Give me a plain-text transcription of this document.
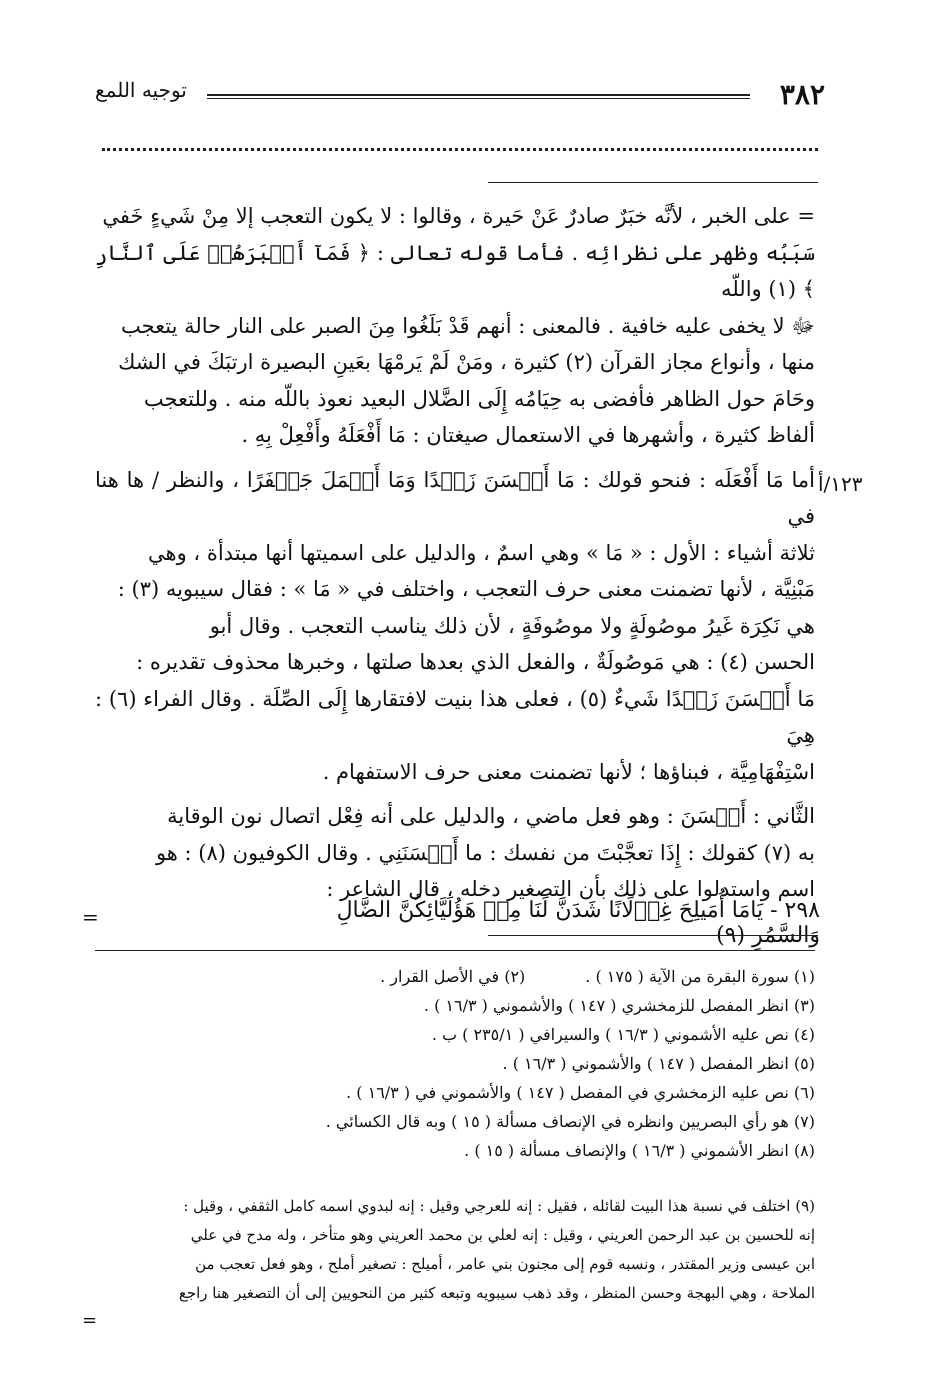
٣٨٢
توجيه اللمع
١٢٣/أ

= على الخبر ، لأنَّه خبَرٌ صادرٌ عَنْ حَيرة ، وقالوا : لا يكون التعجب إلا مِنْ شَيءٍ خَفي

سَبَبُه وظهر على نظرائِه . فأما قوله تعالى : ﴿ فَمَآ أَصۡبَرَهُمۡ عَلَى ٱلنَّارِ ﴾ (١) واللّه

ﷻ لا يخفى عليه خافية . فالمعنى : أنهم قَدْ بَلَغُوا مِنَ الصبر على النار حالة يتعجب

منها ، وأنواع مجاز القرآن (٢) كثيرة ، ومَنْ لَمْ يَرمْهَا بعَينِ البصيرة ارتبَكَ في الشك

وحَامَ حول الظاهر فأفضى به حِيَامُه إِلَى الضَّلال البعيد نعوذ باللّه منه . وللتعجب

ألفاظ كثيرة ، وأشهرها في الاستعمال صيغتان : مَا أَفْعَلَهُ وأَفْعِلْ بِهِ .

أما مَا أَفْعَلَه : فنحو قولك : مَا أَحۡسَنَ زَيۡدًا وَمَا أَجۡمَلَ جَعۡفَرًا ، والنظر / ها هنا في

ثلاثة أشياء : الأول : « مَا » وهي اسمٌ ، والدليل على اسميتها أنها مبتدأة ، وهي

مَبْنِيَّة ، لأنها تضمنت معنى حرف التعجب ، واختلف في « مَا » : فقال سيبويه (٣) :

هي نَكِرَة غَيرُ موصُولَةٍ ولا موصُوفَةٍ ، لأن ذلك يناسب التعجب . وقال أبو

الحسن (٤) : هي مَوصُولَةٌ ، والفعل الذي بعدها صلتها ، وخبرها محذوف تقديره :

مَا أَحۡسَنَ زَيۡدًا شَيءٌ (٥) ، فعلى هذا بنيت لافتقارها إِلَى الصِّلَة . وقال الفراء (٦) : هِيَ

اسْتِفْهَامِيَّة ، فبناؤها ؛ لأنها تضمنت معنى حرف الاستفهام .

الثَّاني : أَحۡسَنَ : وهو فعل ماضي ، والدليل على أنه فِعْل اتصال نون الوقاية

به (٧) كقولك : إِذَا تعجَّبْتَ من نفسك : ما أَحۡسَنَنِي . وقال الكوفيون (٨) : هو

اسم واستدلوا على ذلك بأن التصغير دخله ، قال الشاعر :

٢٩٨ - يَامَا أُمَيلِحَ غِزۡلَانًا شَدَنَّ لَنَا مِنۡ هَؤُلَيَّائِكُنَّ الضَّالِ وَالسَّمُرِ (٩)
=

(١) سورة البقرة من الآية ( ١٧٥ ) .

(٢) في الأصل القرار .

(٣) انظر المفصل للزمخشري ( ١٤٧ ) والأشموني ( ١٦/٣ ) .

(٤) نص عليه الأشموني ( ١٦/٣ ) والسيرافي ( ٢٣٥/١ ) ب .

(٥) انظر المفصل ( ١٤٧ ) والأشموني ( ١٦/٣ ) .

(٦) نص عليه الزمخشري في المفصل ( ١٤٧ ) والأشموني في ( ١٦/٣ ) .

(٧) هو رأي البصريين وانظره في الإنصاف مسألة ( ١٥ ) وبه قال الكسائي .

(٨) انظر الأشموني ( ١٦/٣ ) والإنصاف مسألة ( ١٥ ) .

(٩) اختلف في نسبة هذا البيت لقائله ، فقيل : إنه للعرجي وقيل : إنه لبدوي اسمه كامل الثقفي ، وقيل :

إنه للحسين بن عبد الرحمن العريني ، وقيل : إنه لعلي بن محمد العريني وهو متأخر ، وله مدح في علي

ابن عيسى وزير المقتدر ، ونسبه قوم إلى مجنون بني عامر ، أميلح : تصغير أملح ، وهو فعل تعجب من

الملاحة ، وهي البهجة وحسن المنظر ، وقد ذهب سيبويه وتبعه كثير من النحويين إلى أن التصغير هنا راجع

=
